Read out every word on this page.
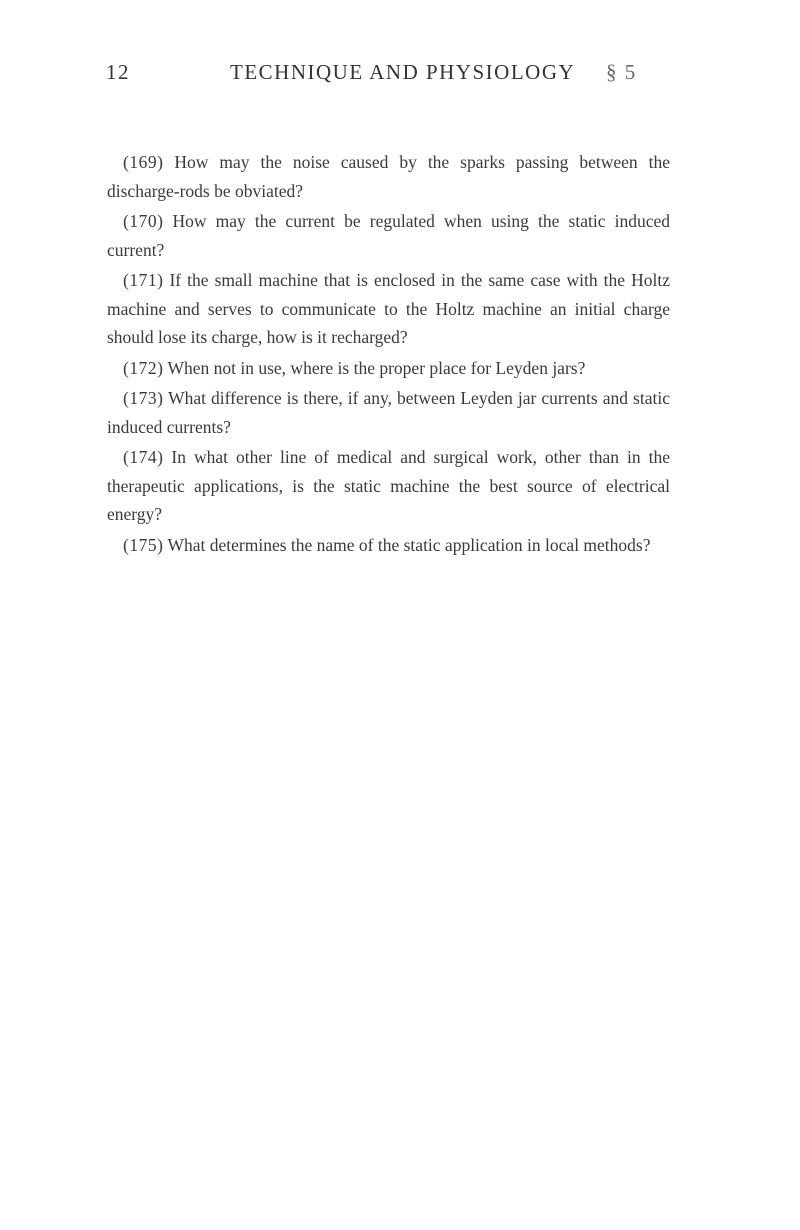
12	TECHNIQUE AND PHYSIOLOGY § 5

(169) How may the noise caused by the sparks passing between the discharge-rods be obviated?

(170) How may the current be regulated when using the static induced current?

(171) If the small machine that is enclosed in the same case with the Holtz machine and serves to communicate to the Holtz machine an initial charge should lose its charge, how is it recharged?

(172) When not in use, where is the proper place for Leyden jars?

(173) What difference is there, if any, between Leyden jar currents and static induced currents?

(174) In what other line of medical and surgical work, other than in the therapeutic applications, is the static machine the best source of electrical energy?

(175) What determines the name of the static application in local methods?
